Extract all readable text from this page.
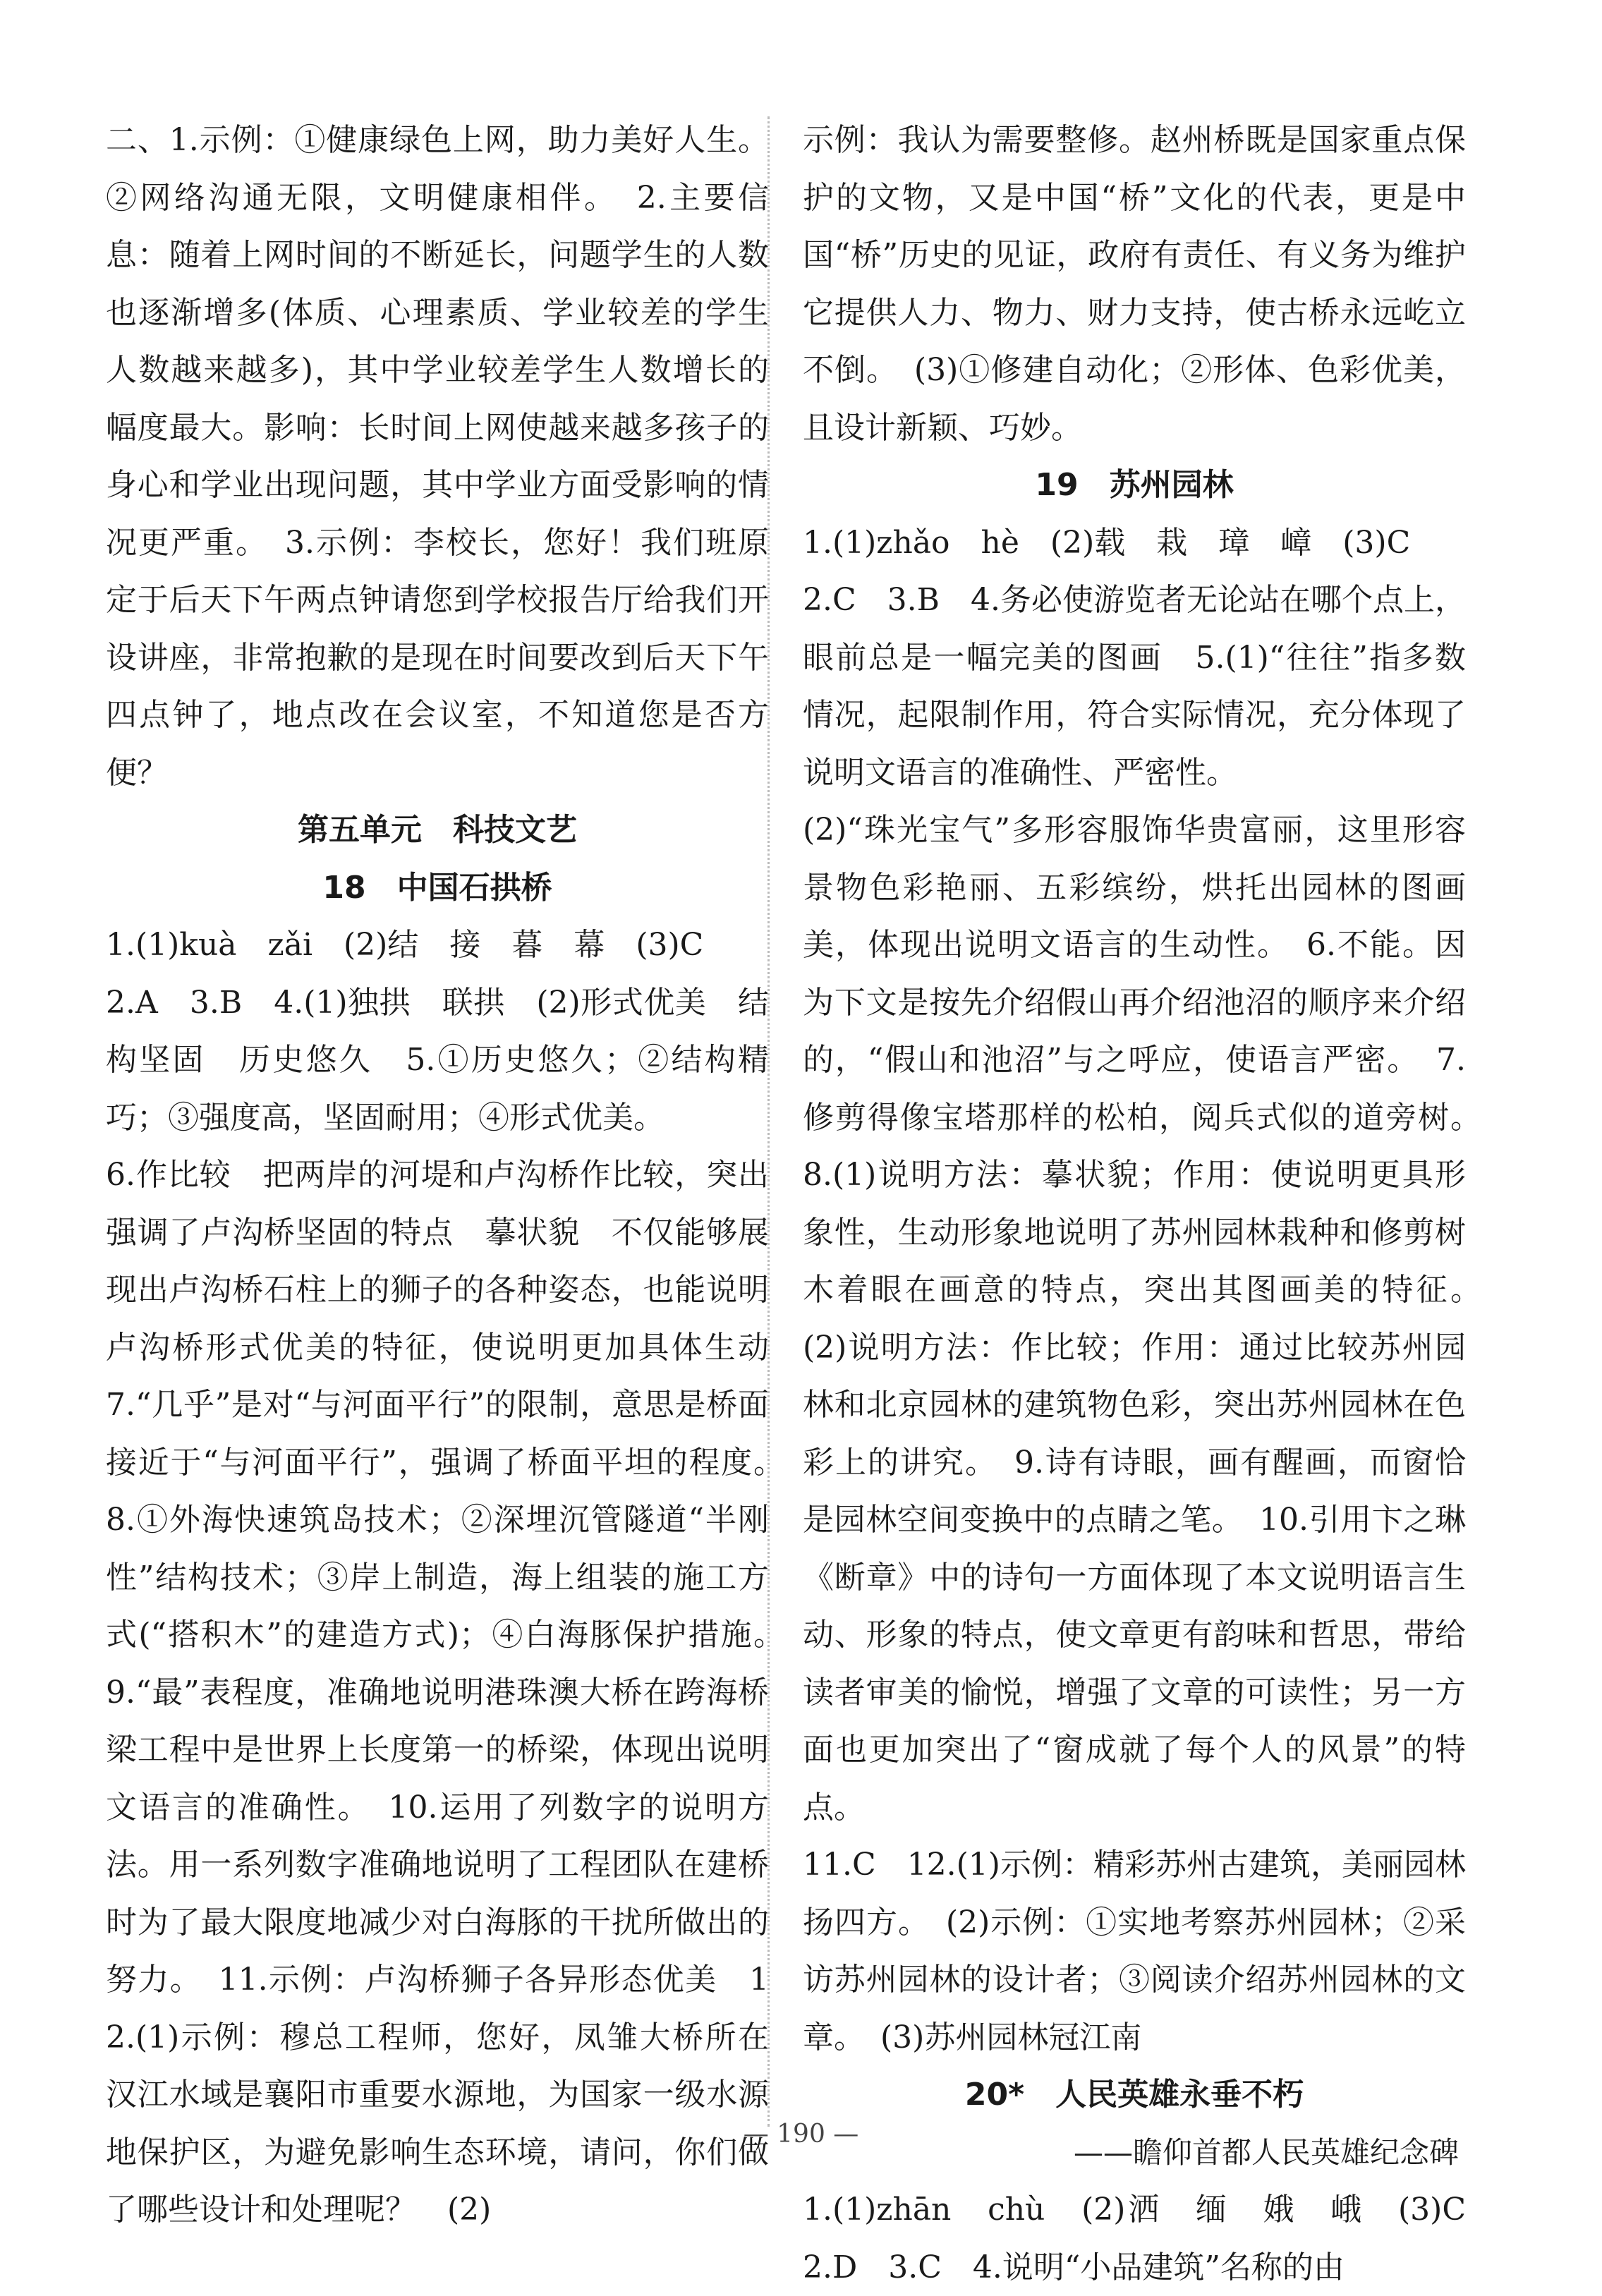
二、1.示例：①健康绿色上网，助力美好人生。②网络沟通无限，文明健康相伴。　2.主要信息：随着上网时间的不断延长，问题学生的人数也逐渐增多(体质、心理素质、学业较差的学生人数越来越多)，其中学业较差学生人数增长的幅度最大。影响：长时间上网使越来越多孩子的身心和学业出现问题，其中学业方面受影响的情况更严重。　3.示例：李校长，您好！我们班原定于后天下午两点钟请您到学校报告厅给我们开设讲座，非常抱歉的是现在时间要改到后天下午四点钟了，地点改在会议室，不知道您是否方便？

第五单元　科技文艺

18　中国石拱桥

1.(1)kuà　zǎi　(2)结　接　暮　幕　(3)C

2.A　3.B　4.(1)独拱　联拱　(2)形式优美　结构坚固　历史悠久　5.①历史悠久；②结构精巧；③强度高，坚固耐用；④形式优美。

6.作比较　把两岸的河堤和卢沟桥作比较，突出强调了卢沟桥坚固的特点　摹状貌　不仅能够展现出卢沟桥石柱上的狮子的各种姿态，也能说明卢沟桥形式优美的特征，使说明更加具体生动　7.“几乎”是对“与河面平行”的限制，意思是桥面接近于“与河面平行”，强调了桥面平坦的程度。　8.①外海快速筑岛技术；②深埋沉管隧道“半刚性”结构技术；③岸上制造，海上组装的施工方式(“搭积木”的建造方式)；④白海豚保护措施。　9.“最”表程度，准确地说明港珠澳大桥在跨海桥梁工程中是世界上长度第一的桥梁，体现出说明文语言的准确性。　10.运用了列数字的说明方法。用一系列数字准确地说明了工程团队在建桥时为了最大限度地减少对白海豚的干扰所做出的努力。　11.示例：卢沟桥狮子各异形态优美　12.(1)示例：穆总工程师，您好，凤雏大桥所在汉江水域是襄阳市重要水源地，为国家一级水源地保护区，为避免影响生态环境，请问，你们做了哪些设计和处理呢？　(2)

示例：我认为需要整修。赵州桥既是国家重点保护的文物，又是中国“桥”文化的代表，更是中国“桥”历史的见证，政府有责任、有义务为维护它提供人力、物力、财力支持，使古桥永远屹立不倒。　(3)①修建自动化；②形体、色彩优美，且设计新颖、巧妙。

19　苏州园林

1.(1)zhǎo　hè　(2)载　栽　璋　嶂　(3)C

2.C　3.B　4.务必使游览者无论站在哪个点上，眼前总是一幅完美的图画　5.(1)“往往”指多数情况，起限制作用，符合实际情况，充分体现了说明文语言的准确性、严密性。

(2)“珠光宝气”多形容服饰华贵富丽，这里形容景物色彩艳丽、五彩缤纷，烘托出园林的图画美，体现出说明文语言的生动性。　6.不能。因为下文是按先介绍假山再介绍池沼的顺序来介绍的，“假山和池沼”与之呼应，使语言严密。　7.修剪得像宝塔那样的松柏，阅兵式似的道旁树。　8.(1)说明方法：摹状貌；作用：使说明更具形象性，生动形象地说明了苏州园林栽种和修剪树木着眼在画意的特点，突出其图画美的特征。　(2)说明方法：作比较；作用：通过比较苏州园林和北京园林的建筑物色彩，突出苏州园林在色彩上的讲究。　9.诗有诗眼，画有醒画，而窗恰是园林空间变换中的点睛之笔。　10.引用卞之琳《断章》中的诗句一方面体现了本文说明语言生动、形象的特点，使文章更有韵味和哲思，带给读者审美的愉悦，增强了文章的可读性；另一方面也更加突出了“窗成就了每个人的风景”的特点。

11.C　12.(1)示例：精彩苏州古建筑，美丽园林扬四方。　(2)示例：①实地考察苏州园林；②采访苏州园林的设计者；③阅读介绍苏州园林的文章。　(3)苏州园林冠江南

20*　人民英雄永垂不朽

——瞻仰首都人民英雄纪念碑

1.(1)zhān　chù　(2)洒　缅　娥　峨　(3)C　2.D　3.C　4.说明“小品建筑”名称的由

— 190 —
